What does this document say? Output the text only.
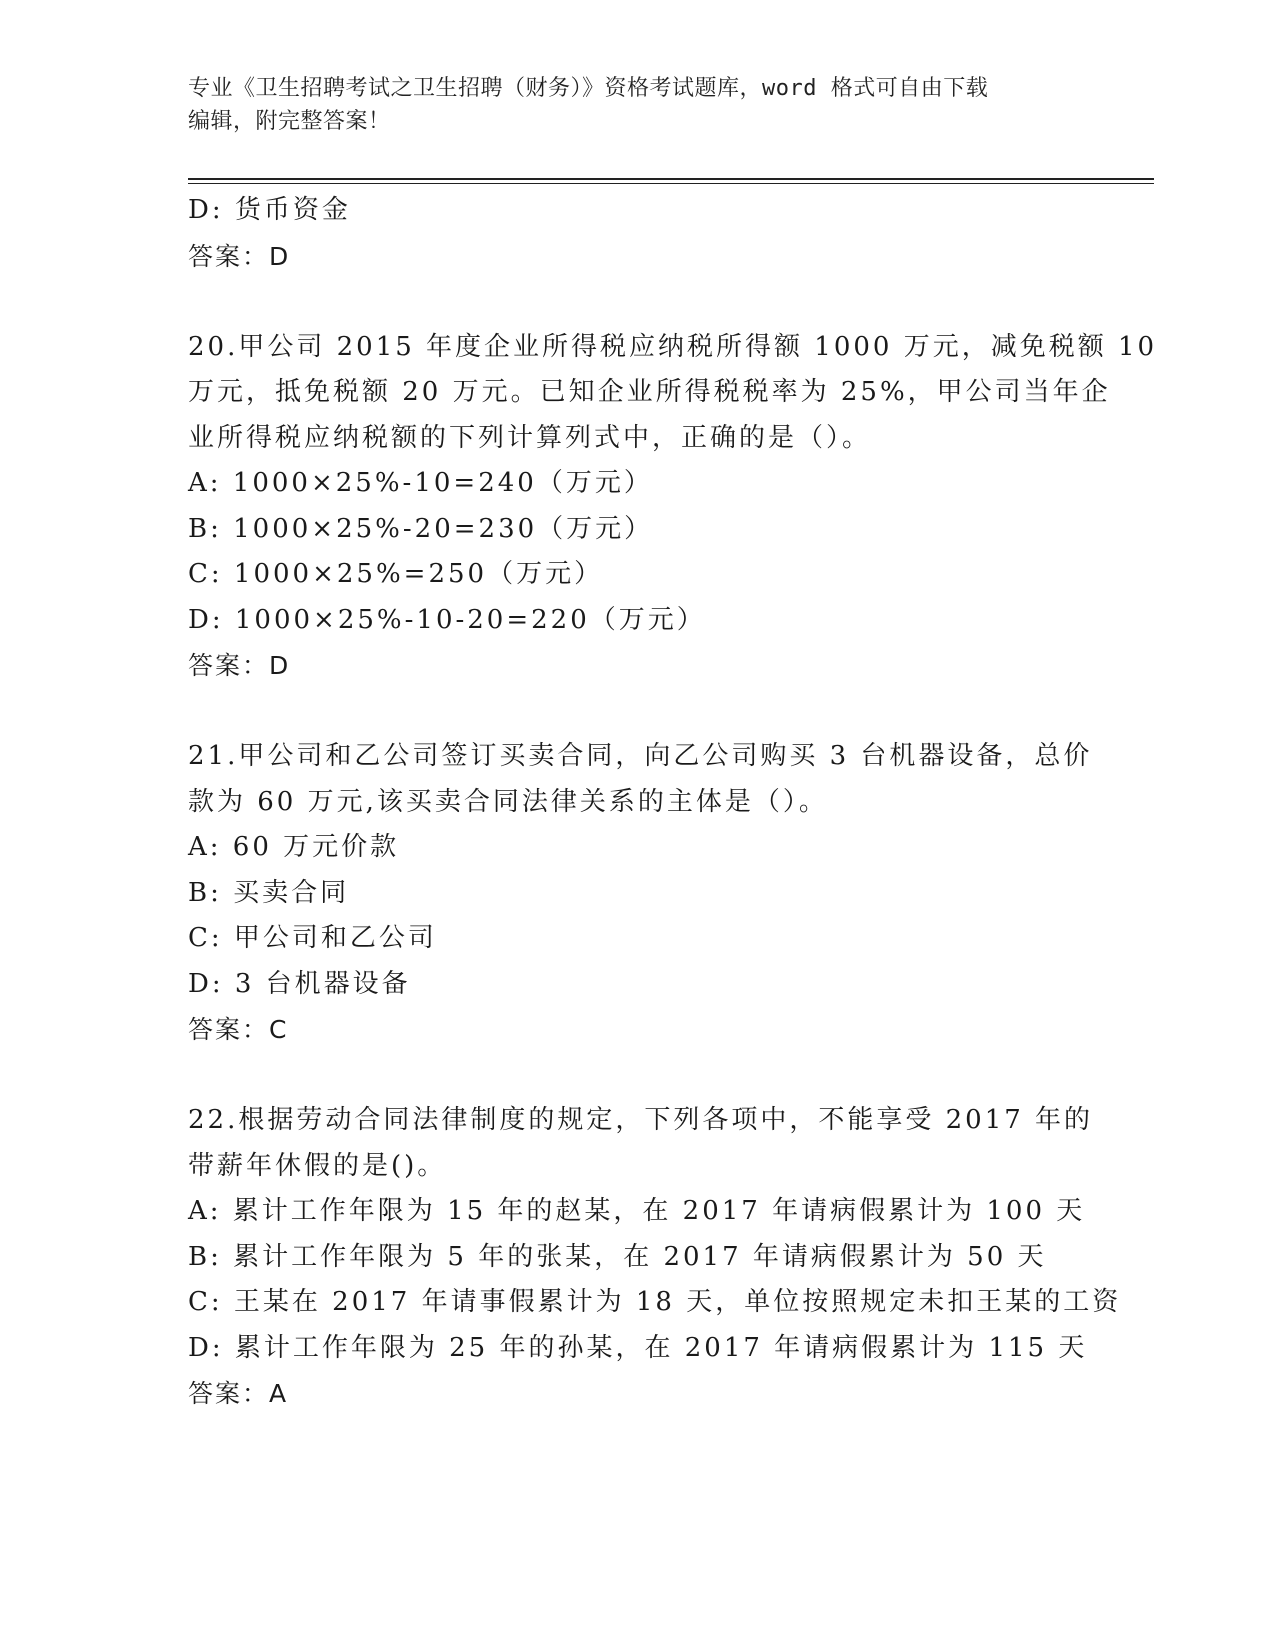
专业《卫生招聘考试之卫生招聘（财务）》资格考试题库，word 格式可自由下载
编辑，附完整答案！
D: 货币资金
答案：D
20.甲公司 2015 年度企业所得税应纳税所得额 1000 万元，减免税额 10
万元，抵免税额 20 万元。已知企业所得税税率为 25%，甲公司当年企
业所得税应纳税额的下列计算列式中，正确的是（）。
A: 1000×25%-10=240（万元）
B: 1000×25%-20=230（万元）
C: 1000×25%=250（万元）
D: 1000×25%-10-20=220（万元）
答案：D
21.甲公司和乙公司签订买卖合同，向乙公司购买 3 台机器设备，总价
款为 60 万元,该买卖合同法律关系的主体是（）。
A: 60 万元价款
B: 买卖合同
C: 甲公司和乙公司
D: 3 台机器设备
答案：C
22.根据劳动合同法律制度的规定，下列各项中，不能享受 2017 年的
带薪年休假的是()。
A: 累计工作年限为 15 年的赵某，在 2017 年请病假累计为 100 天
B: 累计工作年限为 5 年的张某，在 2017 年请病假累计为 50 天
C: 王某在 2017 年请事假累计为 18 天，单位按照规定未扣王某的工资
D: 累计工作年限为 25 年的孙某，在 2017 年请病假累计为 115 天
答案：A
